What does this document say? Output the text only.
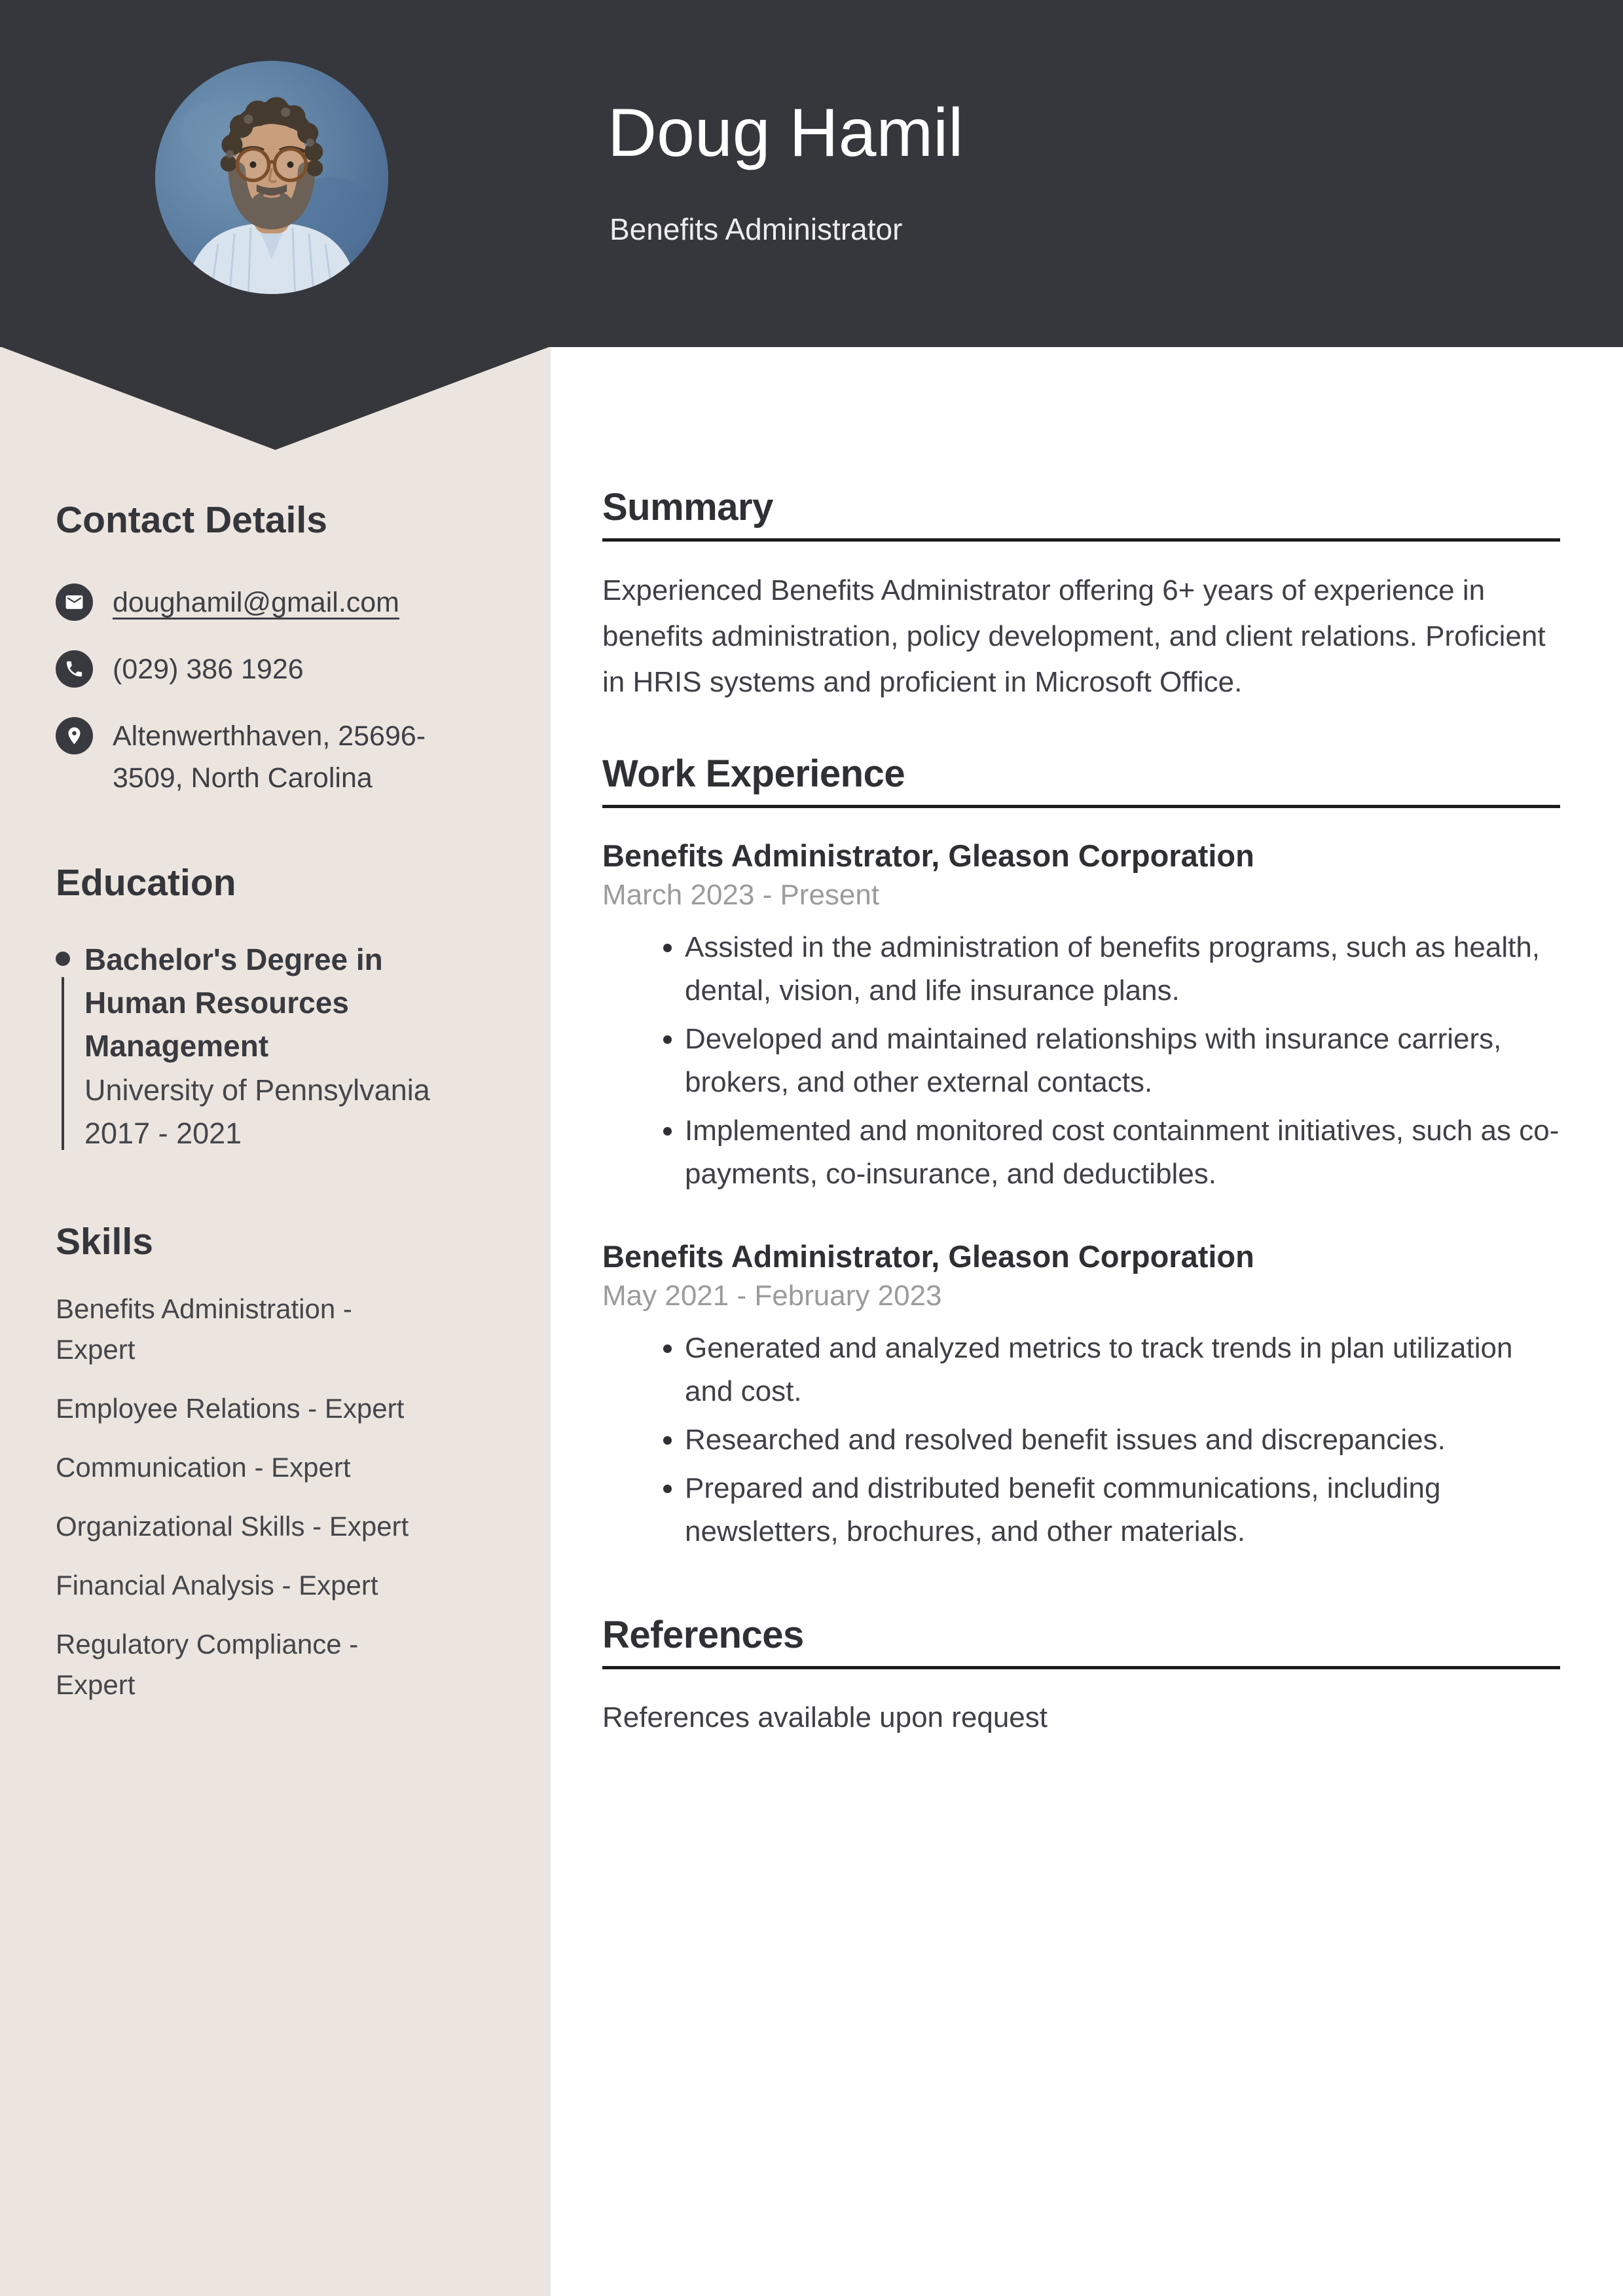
Doug Hamil
Benefits Administrator
Contact Details
doughamil@gmail.com
(029) 386 1926
Altenwerthhaven, 25696-3509, North Carolina
Education
Bachelor's Degree in Human Resources Management
University of Pennsylvania
2017 - 2021
Skills
Benefits Administration - Expert
Employee Relations - Expert
Communication - Expert
Organizational Skills - Expert
Financial Analysis - Expert
Regulatory Compliance - Expert
Summary

Experienced Benefits Administrator offering 6+ years of experience in benefits administration, policy development, and client relations. Proficient in HRIS systems and proficient in Microsoft Office.

Work Experience
Benefits Administrator, Gleason Corporation
March 2023 - Present
• Assisted in the administration of benefits programs, such as health, dental, vision, and life insurance plans.
• Developed and maintained relationships with insurance carriers, brokers, and other external contacts.
• Implemented and monitored cost containment initiatives, such as co-payments, co-insurance, and deductibles.
Benefits Administrator, Gleason Corporation
May 2021 - February 2023
• Generated and analyzed metrics to track trends in plan utilization and cost.
• Researched and resolved benefit issues and discrepancies.
• Prepared and distributed benefit communications, including newsletters, brochures, and other materials.
References

References available upon request
